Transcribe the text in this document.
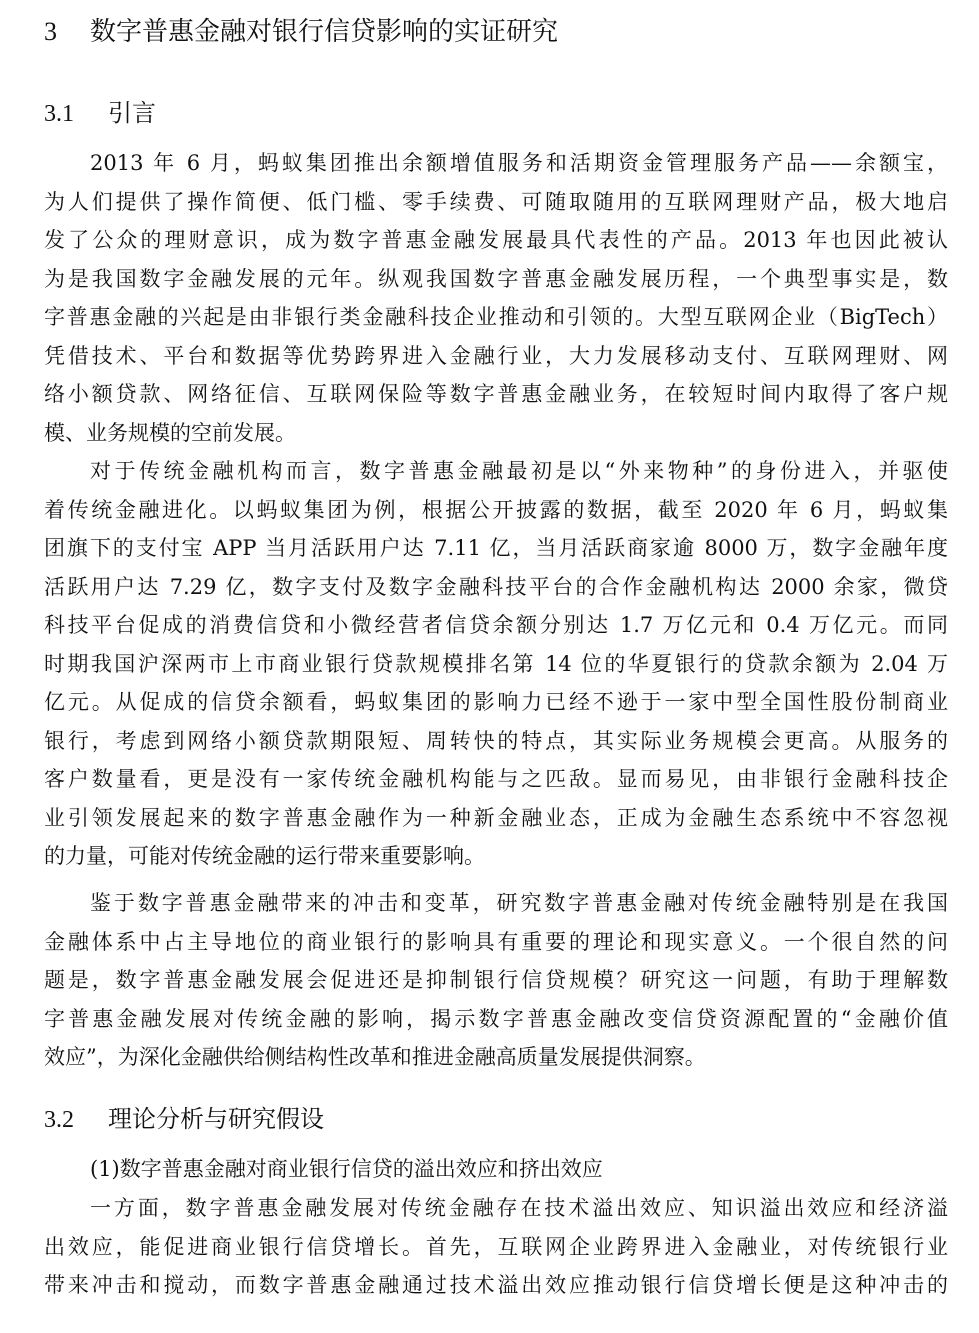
3 数字普惠金融对银行信贷影响的实证研究
3.1 引言
2013 年 6 月，蚂蚁集团推出余额增值服务和活期资金管理服务产品——余额宝，
为人们提供了操作简便、低门槛、零手续费、可随取随用的互联网理财产品，极大地启
发了公众的理财意识，成为数字普惠金融发展最具代表性的产品。2013 年也因此被认
为是我国数字金融发展的元年。纵观我国数字普惠金融发展历程，一个典型事实是，数
字普惠金融的兴起是由非银行类金融科技企业推动和引领的。大型互联网企业（BigTech）
凭借技术、平台和数据等优势跨界进入金融行业，大力发展移动支付、互联网理财、网
络小额贷款、网络征信、互联网保险等数字普惠金融业务，在较短时间内取得了客户规
模、业务规模的空前发展。
对于传统金融机构而言，数字普惠金融最初是以“外来物种”的身份进入，并驱使
着传统金融进化。以蚂蚁集团为例，根据公开披露的数据，截至 2020 年 6 月，蚂蚁集
团旗下的支付宝 APP 当月活跃用户达 7.11 亿，当月活跃商家逾 8000 万，数字金融年度
活跃用户达 7.29 亿，数字支付及数字金融科技平台的合作金融机构达 2000 余家，微贷
科技平台促成的消费信贷和小微经营者信贷余额分别达 1.7 万亿元和 0.4 万亿元。而同
时期我国沪深两市上市商业银行贷款规模排名第 14 位的华夏银行的贷款余额为 2.04 万
亿元。从促成的信贷余额看，蚂蚁集团的影响力已经不逊于一家中型全国性股份制商业
银行，考虑到网络小额贷款期限短、周转快的特点，其实际业务规模会更高。从服务的
客户数量看，更是没有一家传统金融机构能与之匹敌。显而易见，由非银行金融科技企
业引领发展起来的数字普惠金融作为一种新金融业态，正成为金融生态系统中不容忽视
的力量，可能对传统金融的运行带来重要影响。
鉴于数字普惠金融带来的冲击和变革，研究数字普惠金融对传统金融特别是在我国
金融体系中占主导地位的商业银行的影响具有重要的理论和现实意义。一个很自然的问
题是，数字普惠金融发展会促进还是抑制银行信贷规模？研究这一问题，有助于理解数
字普惠金融发展对传统金融的影响，揭示数字普惠金融改变信贷资源配置的“金融价值
效应”，为深化金融供给侧结构性改革和推进金融高质量发展提供洞察。
3.2 理论分析与研究假设
(1)数字普惠金融对商业银行信贷的溢出效应和挤出效应
一方面，数字普惠金融发展对传统金融存在技术溢出效应、知识溢出效应和经济溢
出效应，能促进商业银行信贷增长。首先，互联网企业跨界进入金融业，对传统银行业
带来冲击和搅动，而数字普惠金融通过技术溢出效应推动银行信贷增长便是这种冲击的
